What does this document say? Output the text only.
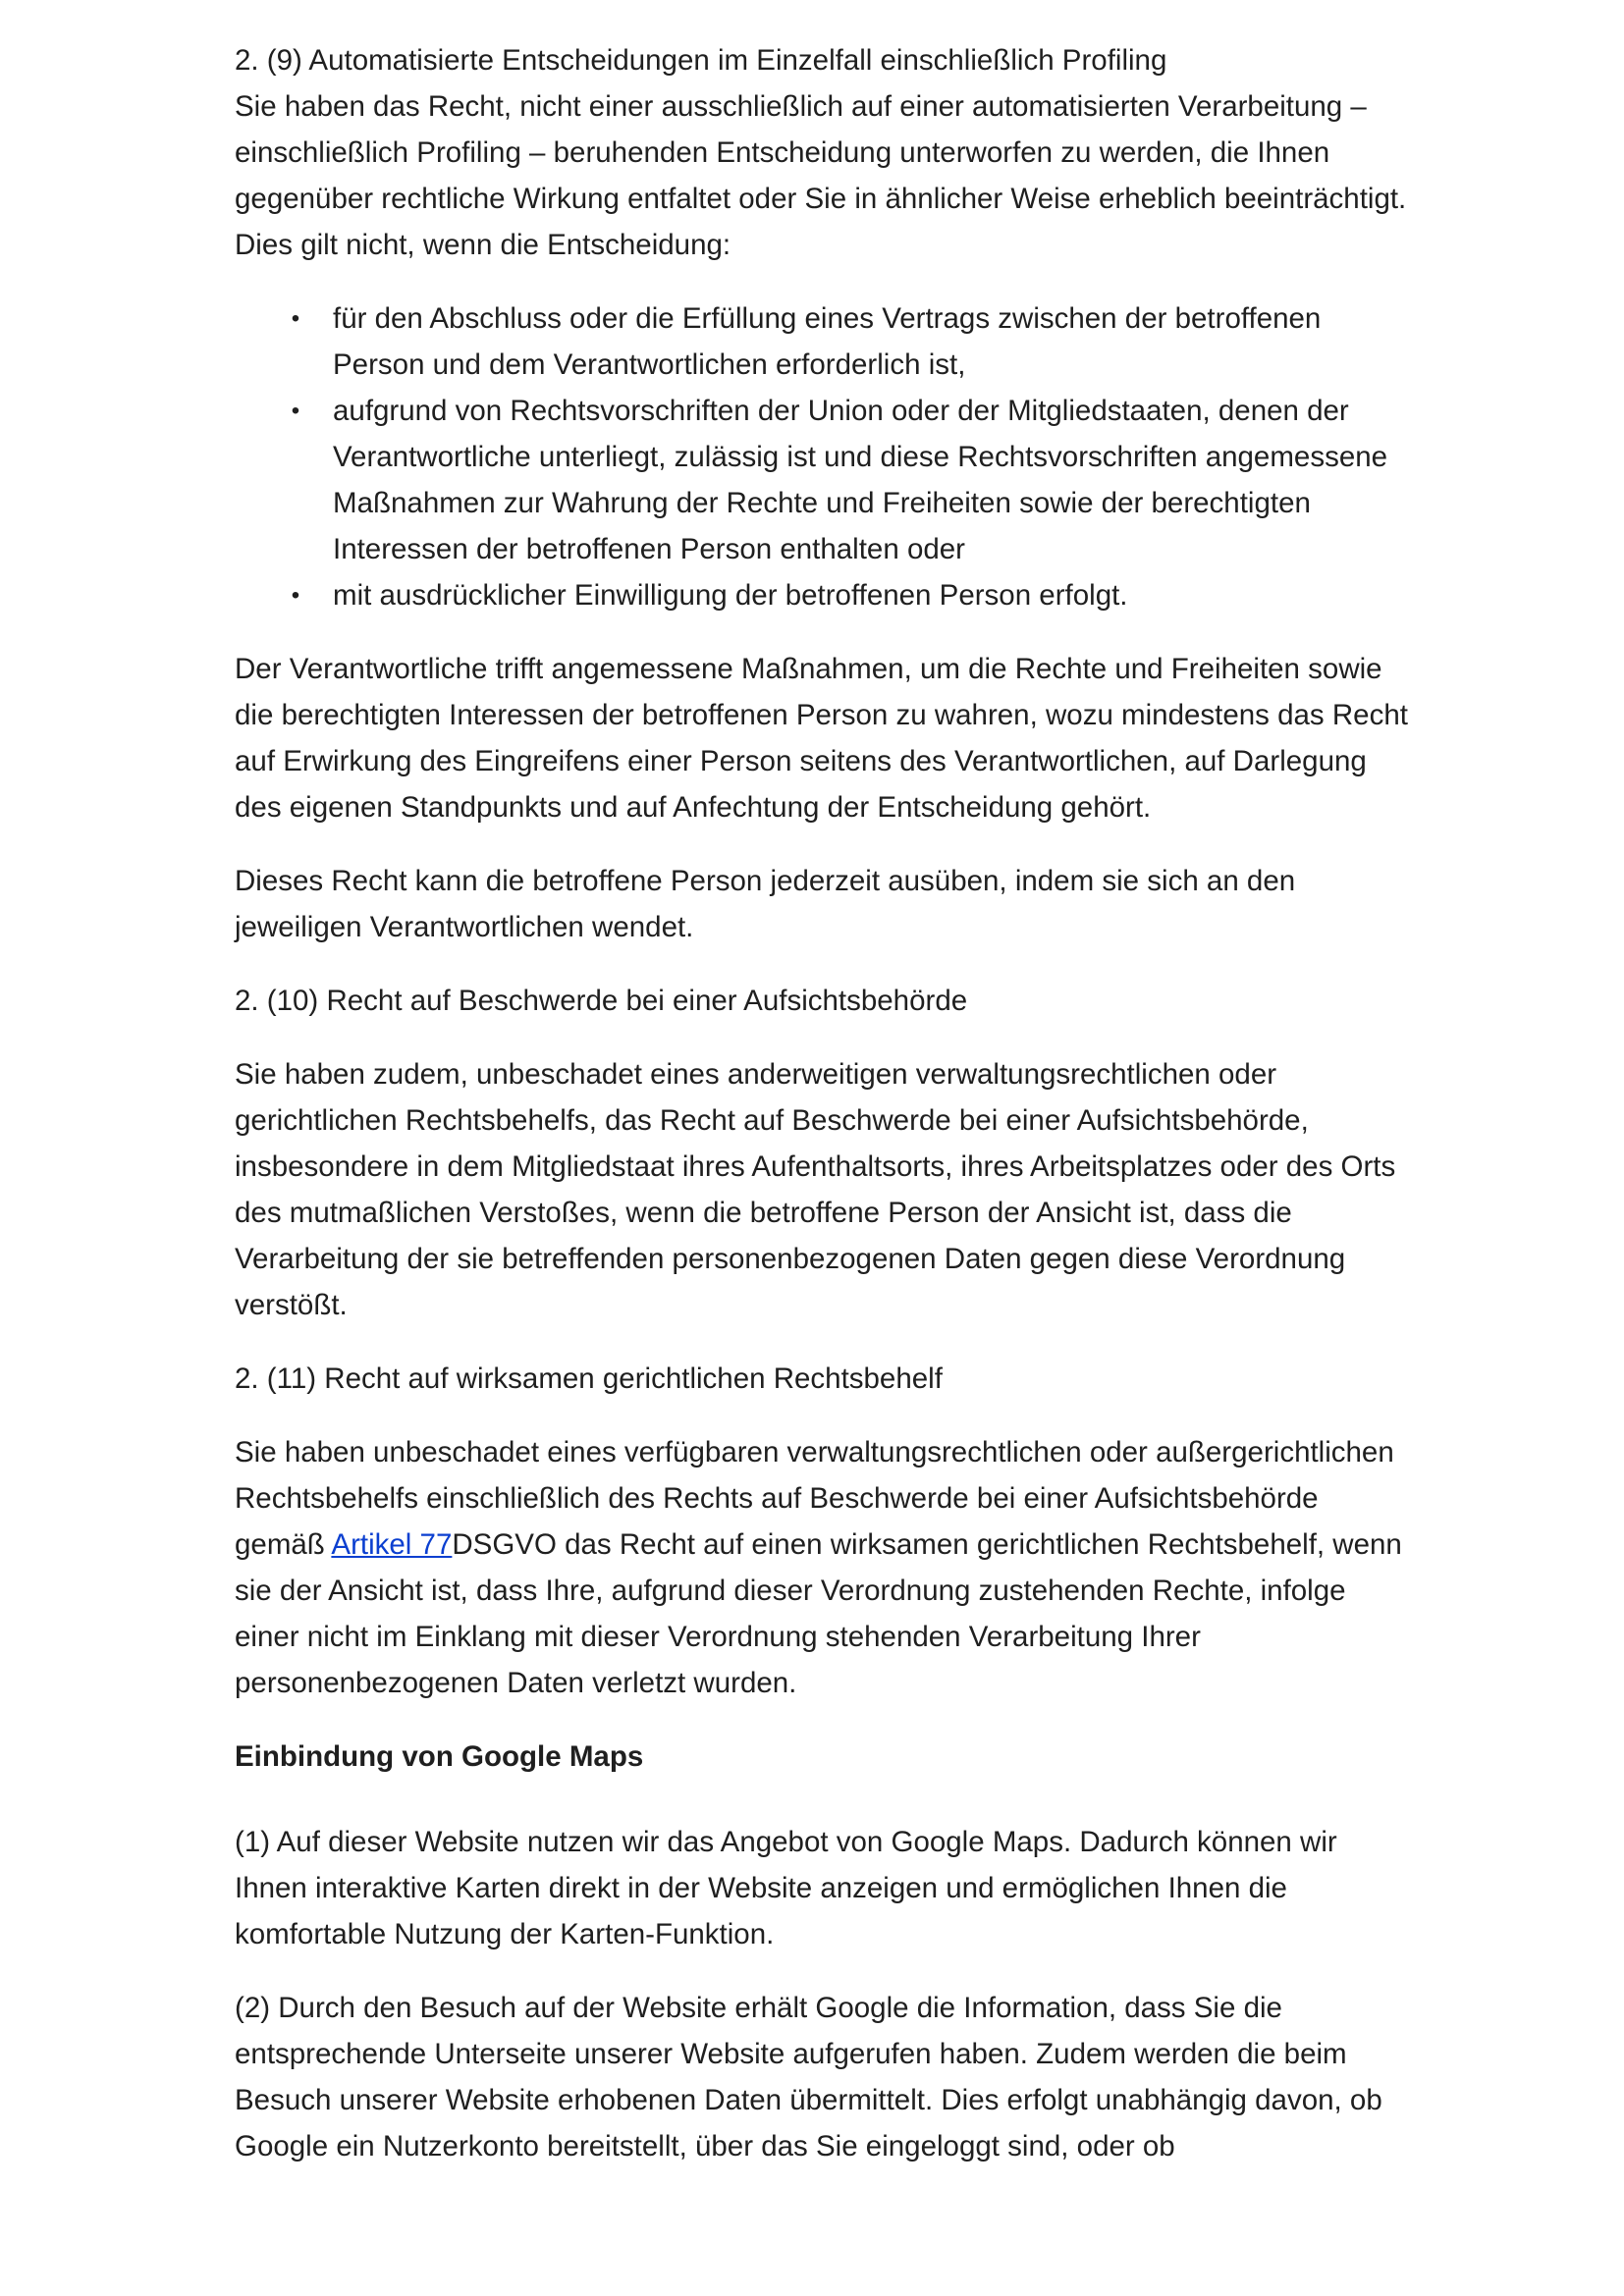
2. (9) Automatisierte Entscheidungen im Einzelfall einschließlich Profiling

Sie haben das Recht, nicht einer ausschließlich auf einer automatisierten Verarbeitung – einschließlich Profiling – beruhenden Entscheidung unterworfen zu werden, die Ihnen gegenüber rechtliche Wirkung entfaltet oder Sie in ähnlicher Weise erheblich beeinträchtigt. Dies gilt nicht, wenn die Entscheidung:

• für den Abschluss oder die Erfüllung eines Vertrags zwischen der betroffenen Person und dem Verantwortlichen erforderlich ist,
• aufgrund von Rechtsvorschriften der Union oder der Mitgliedstaaten, denen der Verantwortliche unterliegt, zulässig ist und diese Rechtsvorschriften angemessene Maßnahmen zur Wahrung der Rechte und Freiheiten sowie der berechtigten Interessen der betroffenen Person enthalten oder
• mit ausdrücklicher Einwilligung der betroffenen Person erfolgt.

Der Verantwortliche trifft angemessene Maßnahmen, um die Rechte und Freiheiten sowie die berechtigten Interessen der betroffenen Person zu wahren, wozu mindestens das Recht auf Erwirkung des Eingreifens einer Person seitens des Verantwortlichen, auf Darlegung des eigenen Standpunkts und auf Anfechtung der Entscheidung gehört.

Dieses Recht kann die betroffene Person jederzeit ausüben, indem sie sich an den jeweiligen Verantwortlichen wendet.

2. (10) Recht auf Beschwerde bei einer Aufsichtsbehörde

Sie haben zudem, unbeschadet eines anderweitigen verwaltungsrechtlichen oder gerichtlichen Rechtsbehelfs, das Recht auf Beschwerde bei einer Aufsichtsbehörde, insbesondere in dem Mitgliedstaat ihres Aufenthaltsorts, ihres Arbeitsplatzes oder des Orts des mutmaßlichen Verstoßes, wenn die betroffene Person der Ansicht ist, dass die Verarbeitung der sie betreffenden personenbezogenen Daten gegen diese Verordnung verstößt.

2. (11) Recht auf wirksamen gerichtlichen Rechtsbehelf

Sie haben unbeschadet eines verfügbaren verwaltungsrechtlichen oder außergerichtlichen Rechtsbehelfs einschließlich des Rechts auf Beschwerde bei einer Aufsichtsbehörde gemäß Artikel 77DSGVO das Recht auf einen wirksamen gerichtlichen Rechtsbehelf, wenn sie der Ansicht ist, dass Ihre, aufgrund dieser Verordnung zustehenden Rechte, infolge einer nicht im Einklang mit dieser Verordnung stehenden Verarbeitung Ihrer personenbezogenen Daten verletzt wurden.

Einbindung von Google Maps

(1) Auf dieser Website nutzen wir das Angebot von Google Maps. Dadurch können wir Ihnen interaktive Karten direkt in der Website anzeigen und ermöglichen Ihnen die komfortable Nutzung der Karten-Funktion.

(2) Durch den Besuch auf der Website erhält Google die Information, dass Sie die entsprechende Unterseite unserer Website aufgerufen haben. Zudem werden die beim Besuch unserer Website erhobenen Daten übermittelt. Dies erfolgt unabhängig davon, ob Google ein Nutzerkonto bereitstellt, über das Sie eingeloggt sind, oder ob
